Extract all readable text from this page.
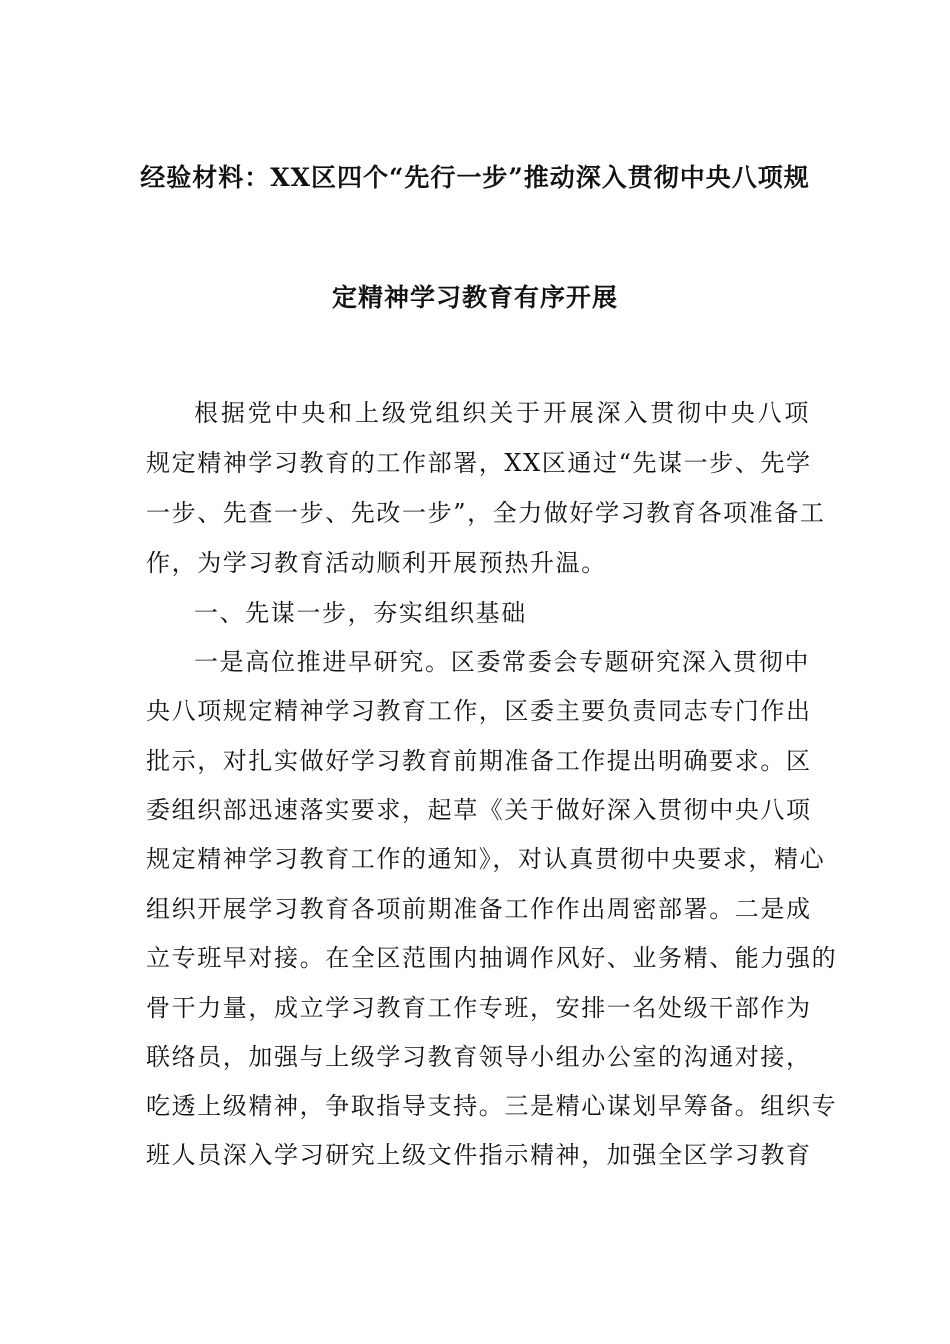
经验材料：XX区四个“先行一步”推动深入贯彻中央八项规
定精神学习教育有序开展
根据党中央和上级党组织关于开展深入贯彻中央八项
规定精神学习教育的工作部署，XX区通过“先谋一步、先学
一步、先查一步、先改一步”，全力做好学习教育各项准备工
作，为学习教育活动顺利开展预热升温。
一、先谋一步，夯实组织基础
一是高位推进早研究。区委常委会专题研究深入贯彻中
央八项规定精神学习教育工作，区委主要负责同志专门作出
批示，对扎实做好学习教育前期准备工作提出明确要求。区
委组织部迅速落实要求，起草《关于做好深入贯彻中央八项
规定精神学习教育工作的通知》，对认真贯彻中央要求，精心
组织开展学习教育各项前期准备工作作出周密部署。二是成
立专班早对接。在全区范围内抽调作风好、业务精、能力强的
骨干力量，成立学习教育工作专班，安排一名处级干部作为
联络员，加强与上级学习教育领导小组办公室的沟通对接，
吃透上级精神，争取指导支持。三是精心谋划早筹备。组织专
班人员深入学习研究上级文件指示精神，加强全区学习教育
